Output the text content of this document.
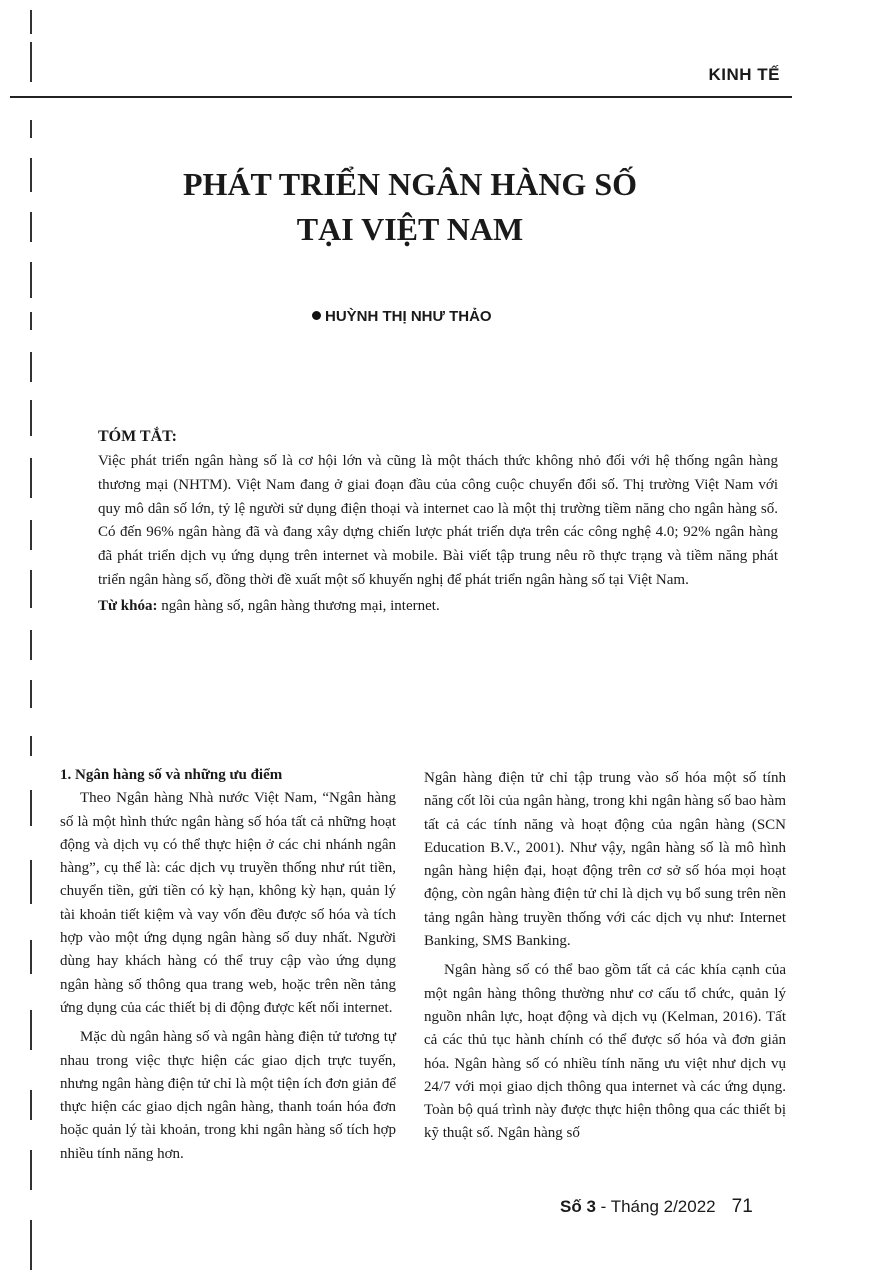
KINH TẾ
PHÁT TRIỂN NGÂN HÀNG SỐ
TẠI VIỆT NAM
HUỲNH THỊ NHƯ THẢO
TÓM TẮT:

Việc phát triển ngân hàng số là cơ hội lớn và cũng là một thách thức không nhỏ đối với hệ thống ngân hàng thương mại (NHTM). Việt Nam đang ở giai đoạn đầu của công cuộc chuyển đổi số. Thị trường Việt Nam với quy mô dân số lớn, tỷ lệ người sử dụng điện thoại và internet cao là một thị trường tiềm năng cho ngân hàng số. Có đến 96% ngân hàng đã và đang xây dựng chiến lược phát triển dựa trên các công nghệ 4.0; 92% ngân hàng đã phát triển dịch vụ ứng dụng trên internet và mobile. Bài viết tập trung nêu rõ thực trạng và tiềm năng phát triển ngân hàng số, đồng thời đề xuất một số khuyến nghị để phát triển ngân hàng số tại Việt Nam.

Từ khóa: ngân hàng số, ngân hàng thương mại, internet.

1. Ngân hàng số và những ưu điểm

Theo Ngân hàng Nhà nước Việt Nam, “Ngân hàng số là một hình thức ngân hàng số hóa tất cả những hoạt động và dịch vụ có thể thực hiện ở các chi nhánh ngân hàng”, cụ thể là: các dịch vụ truyền thống như rút tiền, chuyển tiền, gửi tiền có kỳ hạn, không kỳ hạn, quản lý tài khoản tiết kiệm và vay vốn đều được số hóa và tích hợp vào một ứng dụng ngân hàng số duy nhất. Người dùng hay khách hàng có thể truy cập vào ứng dụng ngân hàng số thông qua trang web, hoặc trên nền tảng ứng dụng của các thiết bị di động được kết nối internet.

Mặc dù ngân hàng số và ngân hàng điện tử tương tự nhau trong việc thực hiện các giao dịch trực tuyến, nhưng ngân hàng điện tử chỉ là một tiện ích đơn giản để thực hiện các giao dịch ngân hàng, thanh toán hóa đơn hoặc quản lý tài khoản, trong khi ngân hàng số tích hợp nhiều tính năng hơn.

Ngân hàng điện tử chỉ tập trung vào số hóa một số tính năng cốt lõi của ngân hàng, trong khi ngân hàng số bao hàm tất cả các tính năng và hoạt động của ngân hàng (SCN Education B.V., 2001). Như vậy, ngân hàng số là mô hình ngân hàng hiện đại, hoạt động trên cơ sở số hóa mọi hoạt động, còn ngân hàng điện tử chỉ là dịch vụ bổ sung trên nền tảng ngân hàng truyền thống với các dịch vụ như: Internet Banking, SMS Banking.

Ngân hàng số có thể bao gồm tất cả các khía cạnh của một ngân hàng thông thường như cơ cấu tổ chức, quản lý nguồn nhân lực, hoạt động và dịch vụ (Kelman, 2016). Tất cả các thủ tục hành chính có thể được số hóa và đơn giản hóa. Ngân hàng số có nhiều tính năng ưu việt như dịch vụ 24/7 với mọi giao dịch thông qua internet và các ứng dụng. Toàn bộ quá trình này được thực hiện thông qua các thiết bị kỹ thuật số. Ngân hàng số

Số 3 - Tháng 2/2022 71
